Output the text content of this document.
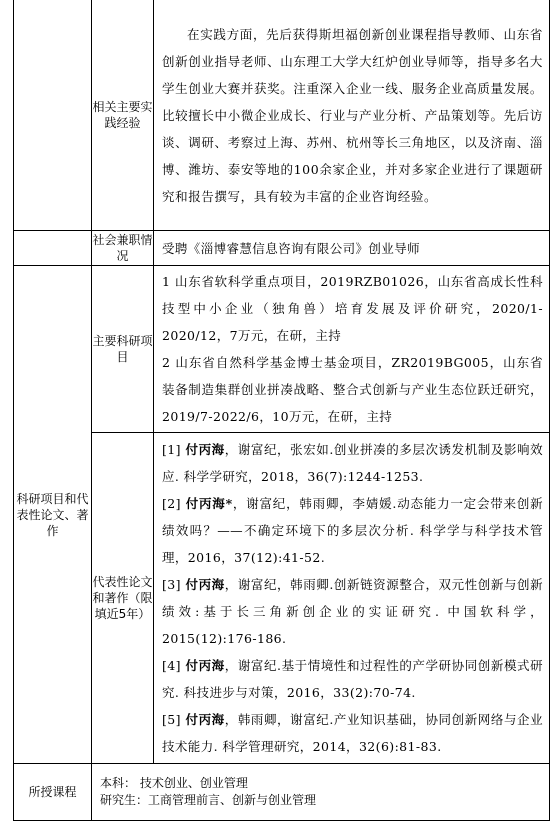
	相关主要实践经验	在实践方面，先后获得斯坦福创新创业课程指导教师、山东省创新创业指导老师、山东理工大学大红炉创业导师等，指导多名大学生创业大赛并获奖。注重深入企业一线、服务企业高质量发展。比较擅长中小微企业成长、行业与产业分析、产品策划等。先后访谈、调研、考察过上海、苏州、杭州等长三角地区，以及济南、淄博、潍坊、泰安等地的100余家企业，并对多家企业进行了课题研究和报告撰写，具有较为丰富的企业咨询经验。
	社会兼职情况	受聘《淄博睿慧信息咨询有限公司》创业导师
科研项目和代表性论文、著作	主要科研项目	1 山东省软科学重点项目，2019RZB01026，山东省高成长性科技型中小企业（独角兽）培育发展及评价研究，2020/1-2020/12，7万元，在研，主持
2 山东省自然科学基金博士基金项目，ZR2019BG005，山东省装备制造集群创业拼凑战略、整合式创新与产业生态位跃迁研究，2019/7-2022/6，10万元，在研，主持

	代表性论文和著作（限填近5年）	[1] 付丙海，谢富纪，张宏如.创业拼凑的多层次诱发机制及影响效应. 科学学研究，2018，36(7):1244-1253.

[2] 付丙海*，谢富纪，韩雨卿，李婧媛.动态能力一定会带来创新绩效吗？——不确定环境下的多层次分析. 科学学与科学技术管理，2016，37(12):41-52.

[3] 付丙海，谢富纪，韩雨卿.创新链资源整合，双元性创新与创新绩效:基于长三角新创企业的实证研究. 中国软科学，2015(12):176-186.

[4] 付丙海，谢富纪.基于情境性和过程性的产学研协同创新模式研究. 科技进步与对策，2016，33(2):70-74.

[5] 付丙海，韩雨卿，谢富纪.产业知识基础，协同创新网络与企业技术能力. 科学管理研究，2014，32(6):81-83.

所授课程	本科： 技术创业、创业管理
研究生：工商管理前言、创新与创业管理	
